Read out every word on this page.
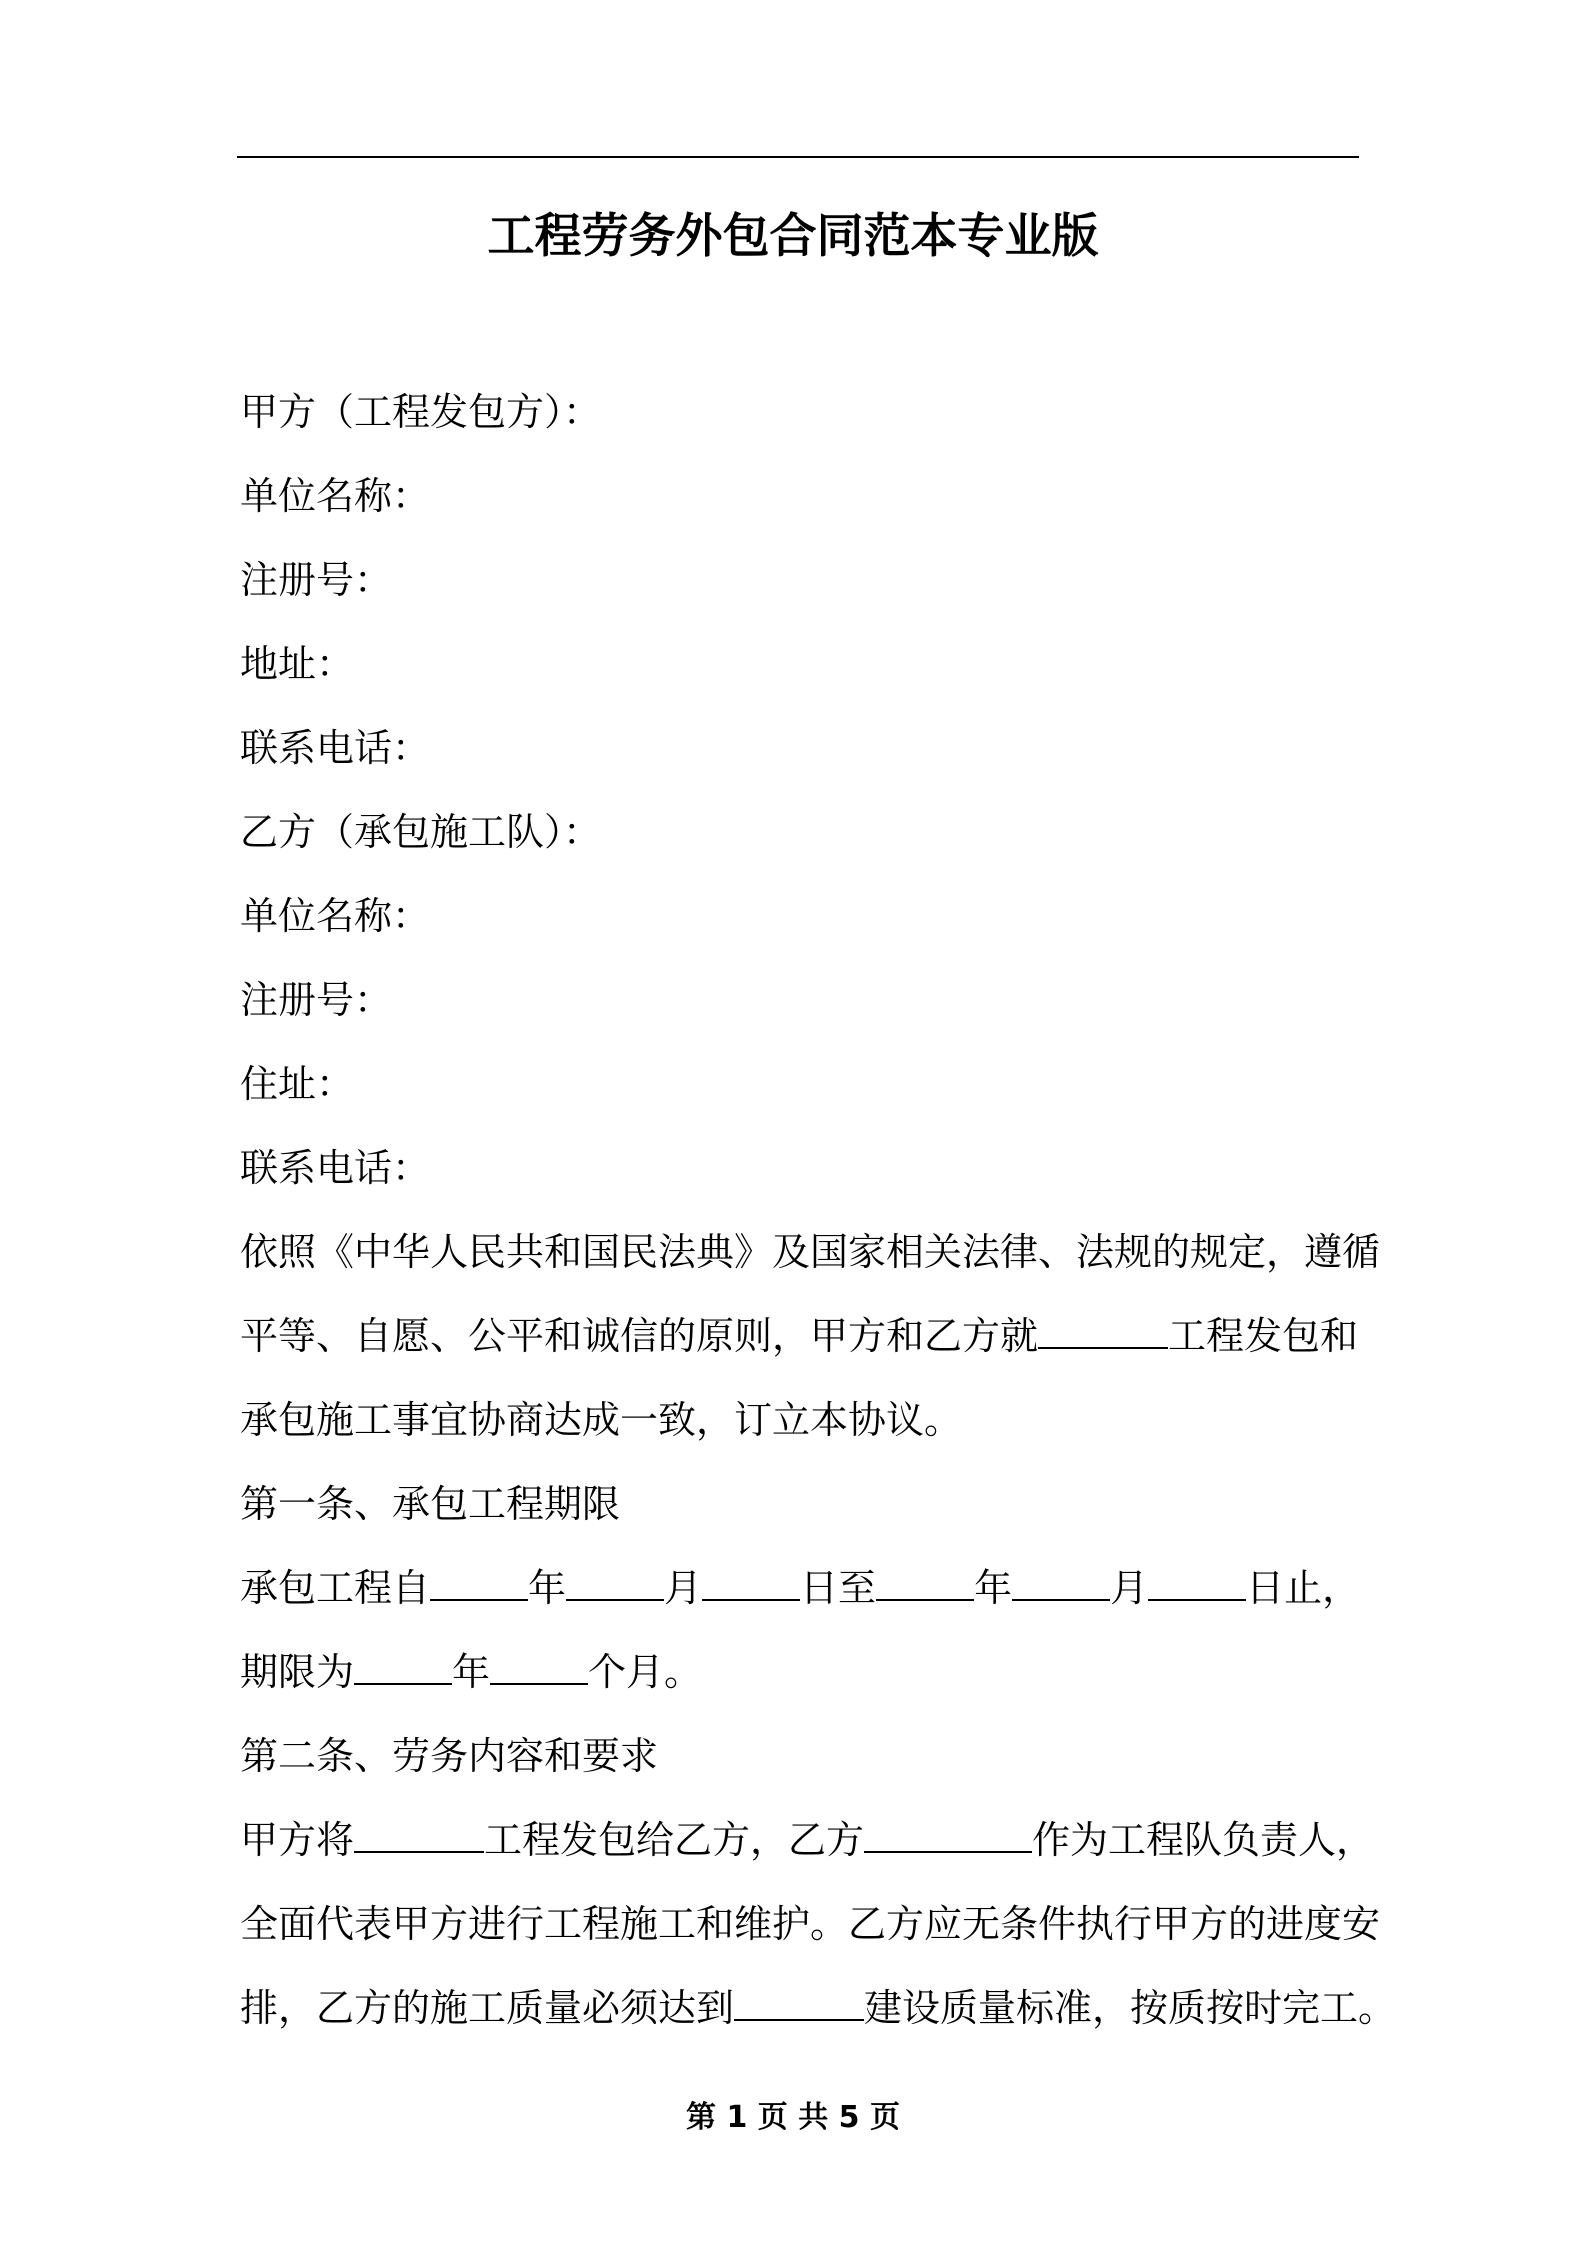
工程劳务外包合同范本专业版
甲方（工程发包方）：
单位名称：
注册号：
地址：
联系电话：
乙方（承包施工队）：
单位名称：
注册号：
住址：
联系电话：
依照《中华人民共和国民法典》及国家相关法律、法规的规定，遵循
平等、自愿、公平和诚信的原则，甲方和乙方就	工程发包和
承包施工事宜协商达成一致，订立本协议。
第一条、承包工程期限
承包工程自	年	月	日至	年	月	日止，
期限为	年	个月。
第二条、劳务内容和要求
甲方将	工程发包给乙方，乙方	作为工程队负责人，
全面代表甲方进行工程施工和维护。乙方应无条件执行甲方的进度安
排，乙方的施工质量必须达到	建设质量标准，按质按时完工。
第 1 页 共 5 页
